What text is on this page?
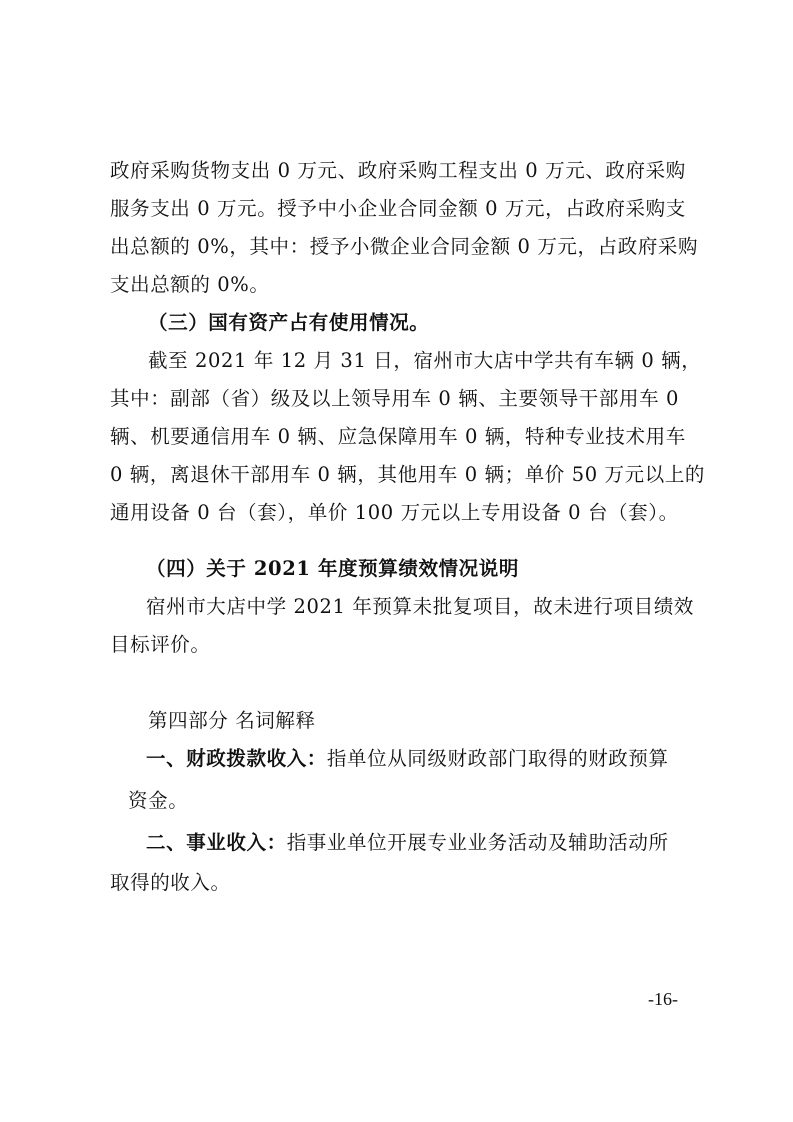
政府采购货物支出 0 万元、政府采购工程支出 0 万元、政府采购
服务支出 0 万元。授予中小企业合同金额 0 万元，占政府采购支
出总额的 0%，其中：授予小微企业合同金额 0 万元，占政府采购
支出总额的 0%。
（三）国有资产占有使用情况。
截至 2021 年 12 月 31 日，宿州市大店中学共有车辆 0 辆，
其中：副部（省）级及以上领导用车 0 辆、主要领导干部用车 0
辆、机要通信用车 0 辆、应急保障用车 0 辆，特种专业技术用车
0 辆，离退休干部用车 0 辆，其他用车 0 辆；单价 50 万元以上的
通用设备 0 台（套），单价 100 万元以上专用设备 0 台（套）。
（四）关于 2021 年度预算绩效情况说明
宿州市大店中学 2021 年预算未批复项目，故未进行项目绩效
目标评价。
第四部分 名词解释
一、财政拨款收入：指单位从同级财政部门取得的财政预算
资金。
二、事业收入：指事业单位开展专业业务活动及辅助活动所
取得的收入。
-16-
